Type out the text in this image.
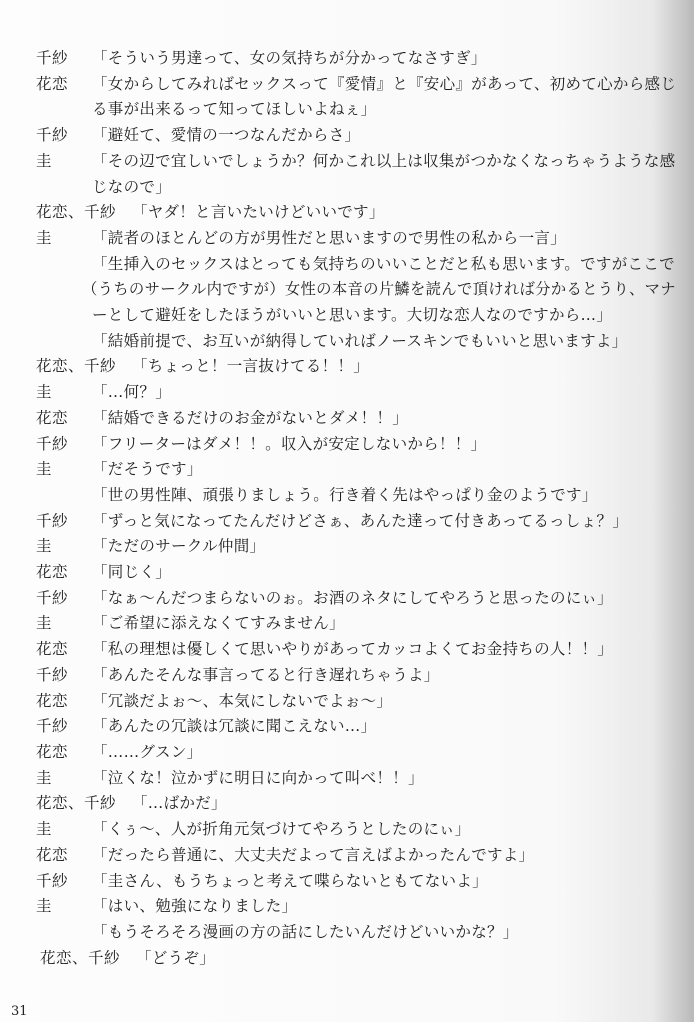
千紗	「そういう男達って、女の気持ちが分かってなさすぎ」
花恋	「女からしてみればセックスって『愛情』と『安心』があって、初めて心から感じ
る事が出来るって知ってほしいよねぇ」
千紗	「避妊て、愛情の一つなんだからさ」
圭	「その辺で宜しいでしょうか？何かこれ以上は収集がつかなくなっちゃうような感
じなので」
花恋、千紗	「ヤダ！と言いたいけどいいです」
圭	「読者のほとんどの方が男性だと思いますので男性の私から一言」
「生挿入のセックスはとっても気持ちのいいことだと私も思います。ですがここで
（うちのサークル内ですが）女性の本音の片鱗を読んで頂ければ分かるとうり、マナ
ーとして避妊をしたほうがいいと思います。大切な恋人なのですから…」
「結婚前提で、お互いが納得していればノースキンでもいいと思いますよ」
花恋、千紗	「ちょっと！一言抜けてる！！」
圭	「…何？」
花恋	「結婚できるだけのお金がないとダメ！！」
千紗	「フリーターはダメ！！。収入が安定しないから！！」
圭	「だそうです」
「世の男性陣、頑張りましょう。行き着く先はやっぱり金のようです」
千紗	「ずっと気になってたんだけどさぁ、あんた達って付きあってるっしょ？」
圭	「ただのサークル仲間」
花恋	「同じく」
千紗	「なぁ～んだつまらないのぉ。お酒のネタにしてやろうと思ったのにぃ」
圭	「ご希望に添えなくてすみません」
花恋	「私の理想は優しくて思いやりがあってカッコよくてお金持ちの人！！」
千紗	「あんたそんな事言ってると行き遅れちゃうよ」
花恋	「冗談だよぉ～、本気にしないでよぉ～」
千紗	「あんたの冗談は冗談に聞こえない…」
花恋	「……グスン」
圭	「泣くな！泣かずに明日に向かって叫べ！！」
花恋、千紗	「…ばかだ」
圭	「くぅ～、人が折角元気づけてやろうとしたのにぃ」
花恋	「だったら普通に、大丈夫だよって言えばよかったんですよ」
千紗	「圭さん、もうちょっと考えて喋らないともてないよ」
圭	「はい、勉強になりました」
「もうそろそろ漫画の方の話にしたいんだけどいいかな？」
花恋、千紗	「どうぞ」
31
